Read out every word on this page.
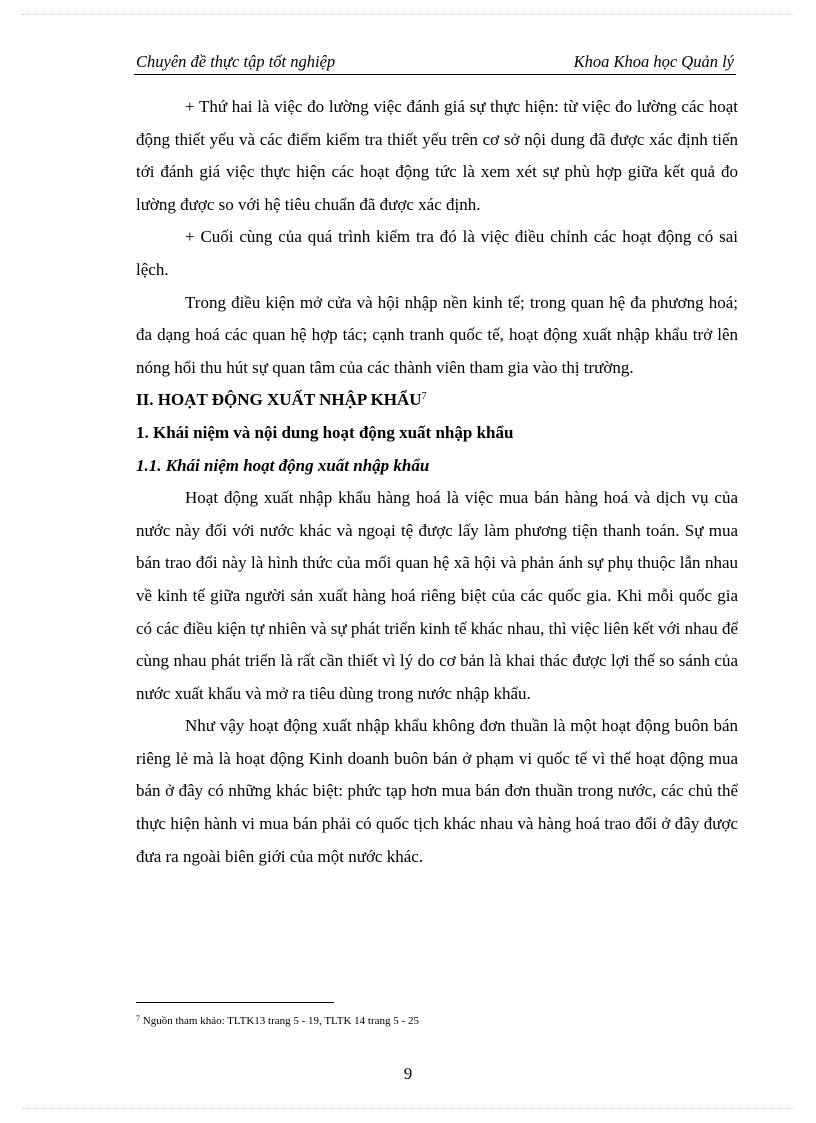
Chuyên đề thực tập tốt nghiệp	Khoa Khoa học Quản lý

+ Thứ hai là việc đo lường việc đánh giá sự thực hiện: từ việc đo lường các hoạt động thiết yếu và các điểm kiểm tra thiết yếu trên cơ sở nội dung đã được xác định tiến tới đánh giá việc thực hiện các hoạt động tức là xem xét sự phù hợp giữa kết quả đo lường được so với hệ tiêu chuẩn đã được xác định.

+ Cuối cùng của quá trình kiểm tra đó là việc điều chỉnh các hoạt động có sai lệch.

Trong điều kiện mở cửa và hội nhập nền kinh tế; trong quan hệ đa phương hoá; đa dạng hoá các quan hệ hợp tác; cạnh tranh quốc tế, hoạt động xuất nhập khẩu trở lên nóng hổi thu hút sự quan tâm của các thành viên tham gia vào thị trường.

II. HOẠT ĐỘNG XUẤT NHẬP KHẨU$^7$
1. Khái niệm và nội dung hoạt động xuất nhập khẩu
1.1. Khái niệm hoạt động xuất nhập khẩu

Hoạt động xuất nhập khẩu hàng hoá là việc mua bán hàng hoá và dịch vụ của nước này đối với nước khác và ngoại tệ được lấy làm phương tiện thanh toán. Sự mua bán trao đổi này là hình thức của mối quan hệ xã hội và phản ánh sự phụ thuộc lẫn nhau về kinh tế giữa người sản xuất hàng hoá riêng biệt của các quốc gia. Khi mỗi quốc gia có các điều kiện tự nhiên và sự phát triển kinh tế khác nhau, thì việc liên kết với nhau để cùng nhau phát triển là rất cần thiết vì lý do cơ bản là khai thác được lợi thế so sánh của nước xuất khẩu và mở ra tiêu dùng trong nước nhập khẩu.

Như vậy hoạt động xuất nhập khẩu không đơn thuần là một hoạt động buôn bán riêng lẻ mà là hoạt động Kinh doanh buôn bán ở phạm vi quốc tế vì thế hoạt động mua bán ở đây có những khác biệt: phức tạp hơn mua bán đơn thuần trong nước, các chủ thể thực hiện hành vi mua bán phải có quốc tịch khác nhau và hàng hoá trao đổi ở đây được đưa ra ngoài biên giới của một nước khác.

$^7$ Nguồn tham khảo: TLTK13 trang 5 - 19, TLTK 14 trang 5 - 25
9
